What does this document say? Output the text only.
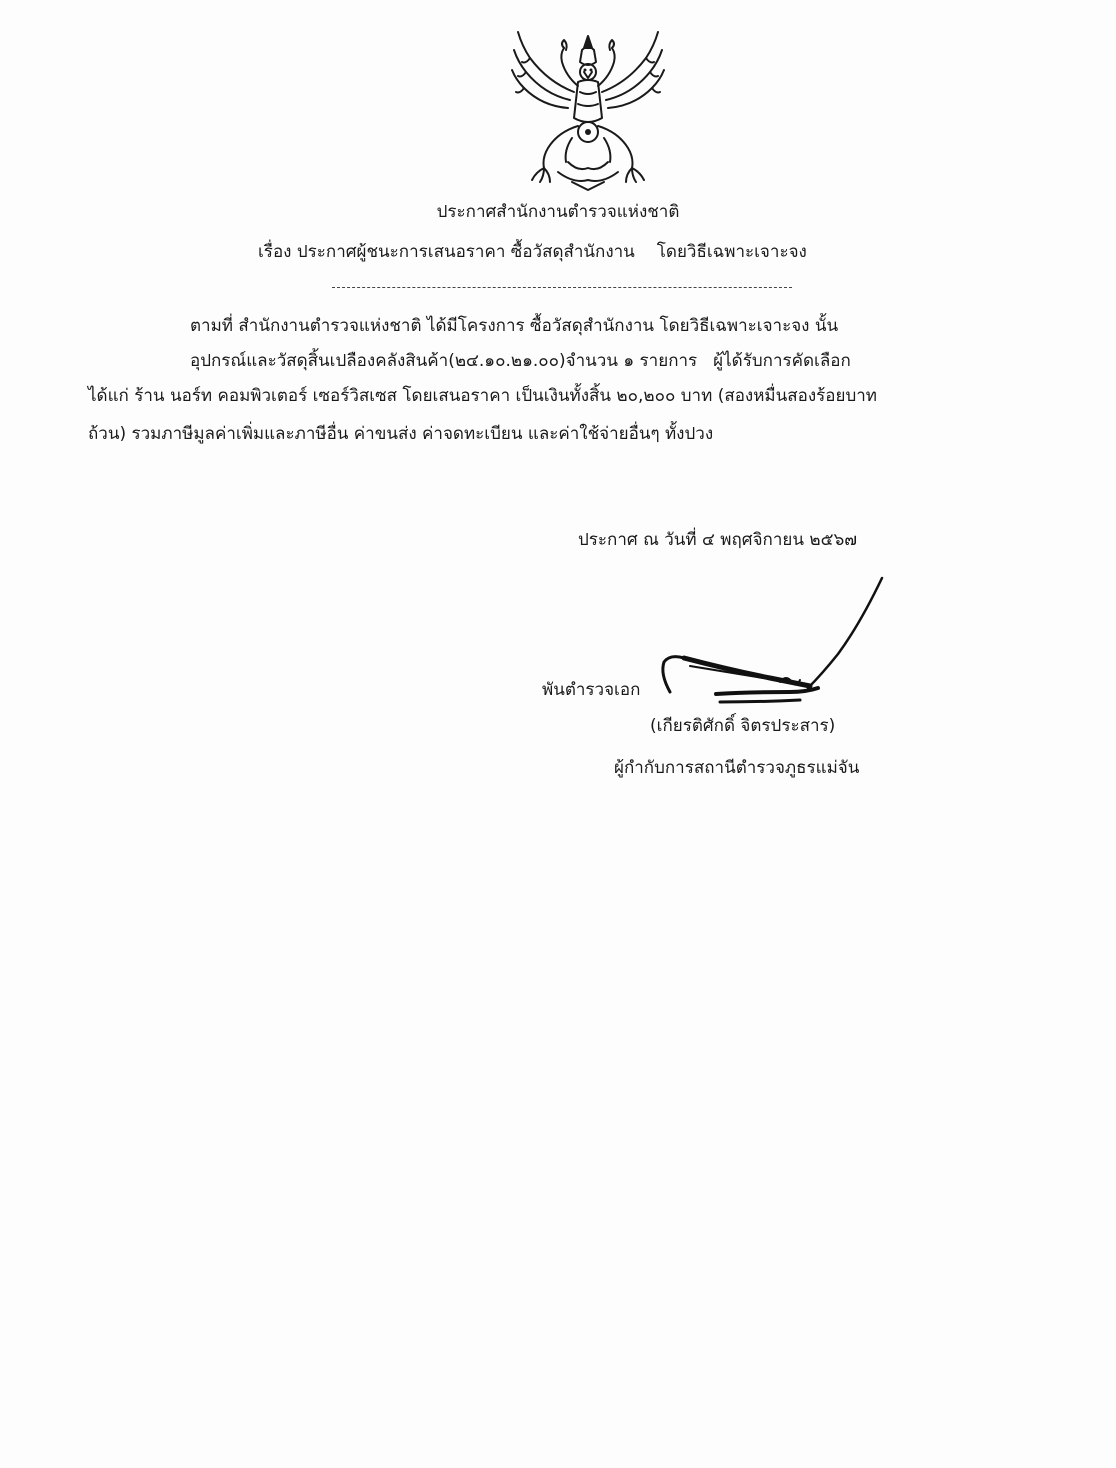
ประกาศสำนักงานตำรวจแห่งชาติ
เรื่อง ประกาศผู้ชนะการเสนอราคา ซื้อวัสดุสำนักงาน โดยวิธีเฉพาะเจาะจง
ตามที่ สำนักงานตำรวจแห่งชาติ ได้มีโครงการ ซื้อวัสดุสำนักงาน โดยวิธีเฉพาะเจาะจง นั้น
อุปกรณ์และวัสดุสิ้นเปลืองคลังสินค้า(๒๔.๑๐.๒๑.๐๐)จำนวน ๑ รายการ ผู้ได้รับการคัดเลือก
ได้แก่ ร้าน นอร์ท คอมพิวเตอร์ เซอร์วิสเซส โดยเสนอราคา เป็นเงินทั้งสิ้น ๒๐,๒๐๐ บาท (สองหมื่นสองร้อยบาท
ถ้วน) รวมภาษีมูลค่าเพิ่มและภาษีอื่น ค่าขนส่ง ค่าจดทะเบียน และค่าใช้จ่ายอื่นๆ ทั้งปวง
ประกาศ ณ วันที่ ๔ พฤศจิกายน ๒๕๖๗
พันตำรวจเอก
(เกียรติศักดิ์ จิตรประสาร)
ผู้กำกับการสถานีตำรวจภูธรแม่จัน
